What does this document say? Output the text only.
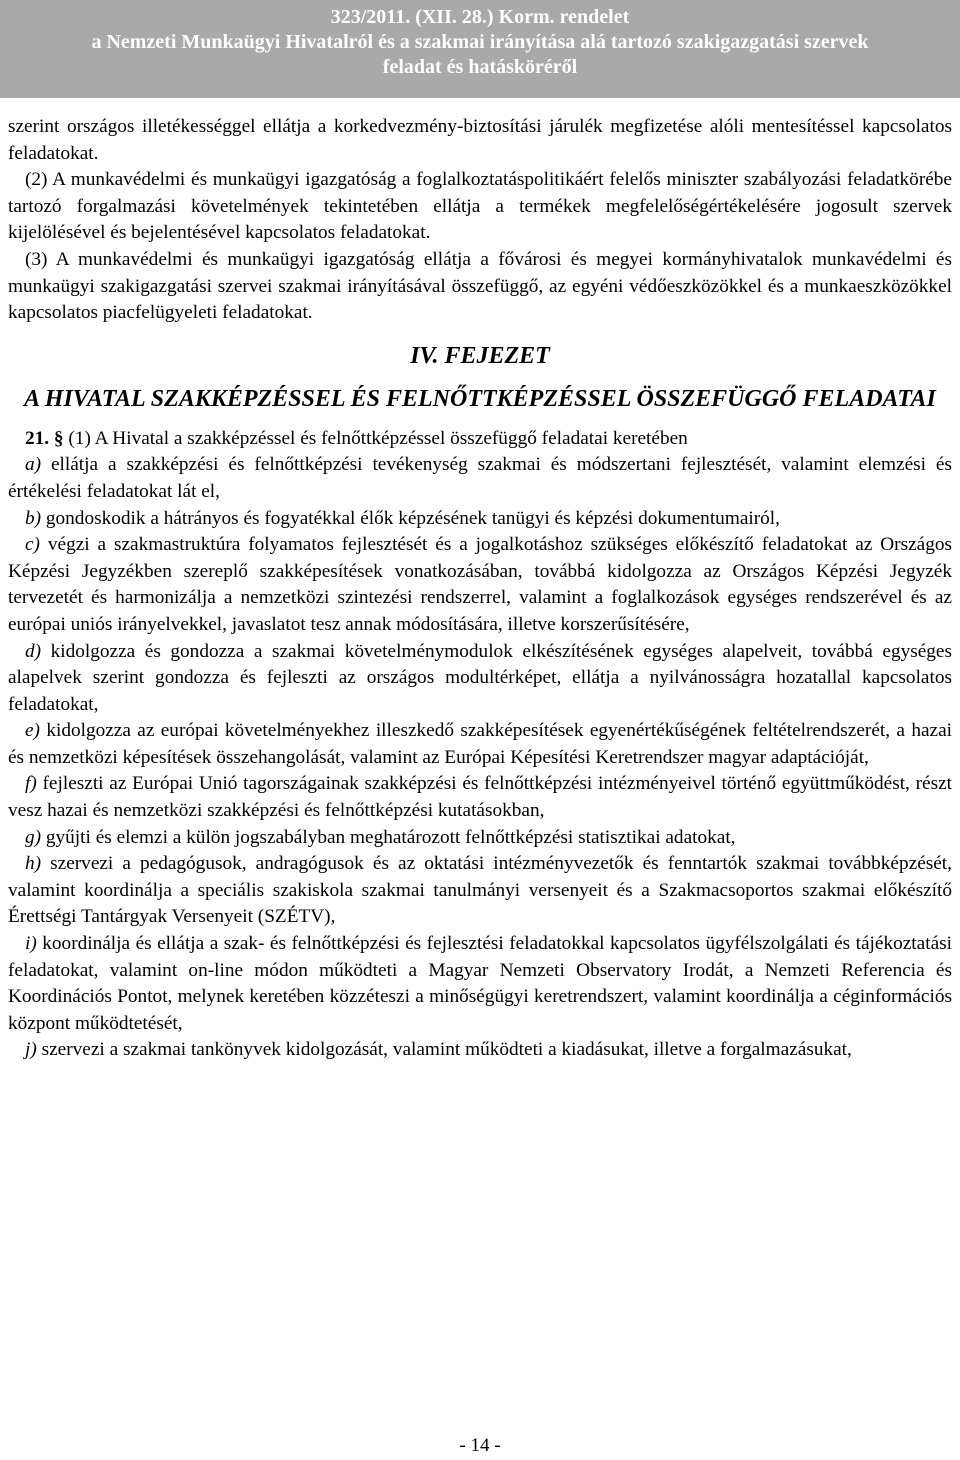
323/2011. (XII. 28.) Korm. rendelet
a Nemzeti Munkaügyi Hivatalról és a szakmai irányítása alá tartozó szakigazgatási szervek
feladat és hatásköréről

szerint országos illetékességgel ellátja a korkedvezmény-biztosítási járulék megfizetése alóli mentesítéssel kapcsolatos feladatokat.

(2) A munkavédelmi és munkaügyi igazgatóság a foglalkoztatáspolitikáért felelős miniszter szabályozási feladatkörébe tartozó forgalmazási követelmények tekintetében ellátja a termékek megfelelőségértékelésére jogosult szervek kijelölésével és bejelentésével kapcsolatos feladatokat.

(3) A munkavédelmi és munkaügyi igazgatóság ellátja a fővárosi és megyei kormányhivatalok munkavédelmi és munkaügyi szakigazgatási szervei szakmai irányításával összefüggő, az egyéni védőeszközökkel és a munkaeszközökkel kapcsolatos piacfelügyeleti feladatokat.

IV. FEJEZET
A HIVATAL SZAKKÉPZÉSSEL ÉS FELNŐTTKÉPZÉSSEL ÖSSZEFÜGGŐ FELADATAI

21. § (1) A Hivatal a szakképzéssel és felnőttképzéssel összefüggő feladatai keretében

a) ellátja a szakképzési és felnőttképzési tevékenység szakmai és módszertani fejlesztését, valamint elemzési és értékelési feladatokat lát el,

b) gondoskodik a hátrányos és fogyatékkal élők képzésének tanügyi és képzési dokumentumairól,

c) végzi a szakmastruktúra folyamatos fejlesztését és a jogalkotáshoz szükséges előkészítő feladatokat az Országos Képzési Jegyzékben szereplő szakképesítések vonatkozásában, továbbá kidolgozza az Országos Képzési Jegyzék tervezetét és harmonizálja a nemzetközi szintezési rendszerrel, valamint a foglalkozások egységes rendszerével és az európai uniós irányelvekkel, javaslatot tesz annak módosítására, illetve korszerűsítésére,

d) kidolgozza és gondozza a szakmai követelménymodulok elkészítésének egységes alapelveit, továbbá egységes alapelvek szerint gondozza és fejleszti az országos modultérképet, ellátja a nyilvánosságra hozatallal kapcsolatos feladatokat,

e) kidolgozza az európai követelményekhez illeszkedő szakképesítések egyenértékűségének feltételrendszerét, a hazai és nemzetközi képesítések összehangolását, valamint az Európai Képesítési Keretrendszer magyar adaptációját,

f) fejleszti az Európai Unió tagországainak szakképzési és felnőttképzési intézményeivel történő együttműködést, részt vesz hazai és nemzetközi szakképzési és felnőttképzési kutatásokban,

g) gyűjti és elemzi a külön jogszabályban meghatározott felnőttképzési statisztikai adatokat,

h) szervezi a pedagógusok, andragógusok és az oktatási intézményvezetők és fenntartók szakmai továbbképzését, valamint koordinálja a speciális szakiskola szakmai tanulmányi versenyeit és a Szakmacsoportos szakmai előkészítő Érettségi Tantárgyak Versenyeit (SZÉTV),

i) koordinálja és ellátja a szak- és felnőttképzési és fejlesztési feladatokkal kapcsolatos ügyfélszolgálati és tájékoztatási feladatokat, valamint on-line módon működteti a Magyar Nemzeti Observatory Irodát, a Nemzeti Referencia és Koordinációs Pontot, melynek keretében közzéteszi a minőségügyi keretrendszert, valamint koordinálja a céginformációs központ működtetését,

j) szervezi a szakmai tankönyvek kidolgozását, valamint működteti a kiadásukat, illetve a forgalmazásukat,

- 14 -
